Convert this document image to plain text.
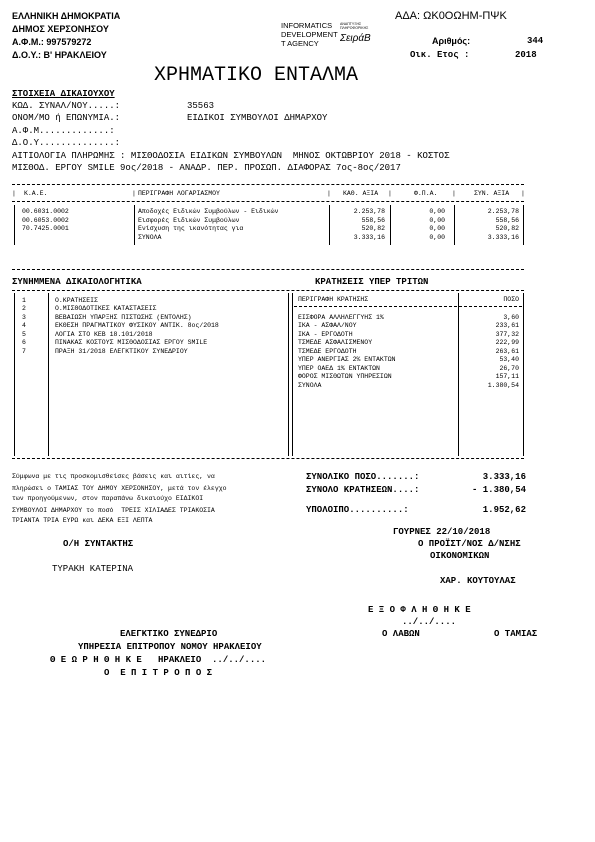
ΕΛΛΗΝΙΚΗ ΔΗΜΟΚΡΑΤΙΑ
ΔΗΜΟΣ ΧΕΡΣΟΝΗΣΟΥ
Α.Φ.Μ.: 997579272
Δ.Ο.Υ.: Β' ΗΡΑΚΛΕΙΟΥ
ΑΔΑ: ΩΚ0ΟΩΗΜ-ΠΨΚ
INFORMATICS
DEVELOPMENT
T AGENCY
ΑΝΑΠΤΥΞΗΣ ΠΛΗΡΟΦΟΡΙΚΗΣ
ΣειράΒ	Αριθμός:	344
Οικ. Ετος :	2018
ΧΡΗΜΑΤΙΚΟ ΕΝΤΑΛΜΑ
ΣΤΟΙΧΕΙΑ ΔΙΚΑΙΟΥΧΟΥ
ΚΩΔ. ΣΥΝΑΛ/ΝΟΥ.....:	35563
ΟΝΟΜ/ΜΟ ή ΕΠΩΝΥΜΙΑ.:	ΕΙΔΙΚΟΙ ΣΥΜΒΟΥΛΟΙ ΔΗΜΑΡΧΟΥ
Α.Φ.Μ.............:
Δ.Ο.Υ..............:
ΑΙΤΙΟΛΟΓΙΑ ΠΛΗΡΩΜΗΣ : ΜΙΣΘΟΔΟΣΙΑ ΕΙΔΙΚΩΝ ΣΥΜΒΟΥΛΩΝ  ΜΗΝΟΣ ΟΚΤΩΒΡΙΟΥ 2018 - ΚΟΣΤΟΣ
ΜΙΣΘΟΔ. ΕΡΓΟΥ SMILE 9ος/2018 - ΑΝΑΔΡ. ΠΕΡ. ΠΡΟΣΩΠ. ΔΙΑΦΟΡΑΣ 7ος-8ος/2017
| Κ.Α.Ε.	| ΠΕΡΙΓΡΑΦΗ ΛΟΓΑΡΙΑΣΜΟΥ	| ΚΑΘ. ΑΞΙΑ |	Φ.Π.Α. |	ΣΥΝ. ΑΞΙΑ |
00.6031.0002	Αποδοχές Ειδικών Συμβούλων - Ειδικών	2.253,78	0,00	2.253,78
00.6053.0002	Εισφορές Ειδικών Συμβούλων	558,56	0,00	558,56
70.7425.0001	Ενίσχυση της ικανότητας για	520,82	0,00	520,82
ΣΥΝΟΛΑ	3.333,16	0,00	3.333,16
ΣΥΝΗΜΜΕΝΑ ΔΙΚΑΙΟΛΟΓΗΤΙΚΑ	ΚΡΑΤΗΣΕΙΣ ΥΠΕΡ ΤΡΙΤΩΝ
ΠΕΡΙΓΡΑΦΗ ΚΡΑΤΗΣΗΣ	ΠΟΣΟ
1	Ο.ΚΡΑΤΗΣΕΙΣ
2	Ο.ΜΙΣΘΟΔΟΤΙΚΕΣ ΚΑΤΑΣΤΑΣΕΙΣ
3	ΒΕΒΑΙΩΣΗ ΥΠΑΡΞΗΣ ΠΙΣΤΩΣΗΣ (ΕΝΤΟΛΗΣ)
4	ΕΚΘΕΣΗ ΠΡΑΓΜΑΤΙΚΟΥ ΦΥΣΙΚΟΥ ΑΝΤΙΚ. 8ος/2018
5	ΛΟΓΙΑ ΣΤΟ ΚΕΒ 18.101/2018
6	ΠΙΝΑΚΑΣ ΚΟΣΤΟΥΣ ΜΙΣΘΟΔΟΣΙΑΣ ΕΡΓΟΥ SMILE
7	ΠΡΑΞΗ 31/2018 ΕΛΕΓΚΤΙΚΟΥ ΣΥΝΕΔΡΙΟΥ
ΕΙΣΦΟΡΑ ΑΛΛΗΛΕΓΓΥΗΣ 1%	3,60
ΙΚΑ - ΑΣΦΑΛ/ΝΟΥ	233,61
ΙΚΑ - ΕΡΓΟΔΟΤΗ	377,32
ΤΣΜΕΔΕ ΑΣΦΑΛΙΣΜΕΝΟΥ	222,99
ΤΣΜΕΔΕ ΕΡΓΟΔΟΤΗ	263,61
ΥΠΕΡ ΑΝΕΡΓΙΑΣ 2% ΕΝΤΑΚΤΩΝ	53,40
ΥΠΕΡ ΟΑΕΔ 1% ΕΝΤΑΚΤΩΝ	26,70
ΦΟΡΟΣ ΜΙΣΘΩΤΩΝ ΥΠΗΡΕΣΙΩΝ	157,11
ΣΥΝΟΛΑ	1.380,54
Σύμφωνα με τις προσκομισθείσες βάσεις και αιτίες, να
πληρώσει ο ΤΑΜΙΑΣ ΤΟΥ ΔΗΜΟΥ ΧΕΡΣΟΝΗΣΟΥ, μετά τον έλεγχο
των προηγούμενων, στον παραπάνω δικαιούχο ΕΙΔΙΚΟΙ
ΣΥΜΒΟΥΛΟΙ ΔΗΜΑΡΧΟΥ το ποσό  ΤΡΕΙΣ ΧΙΛΙΑΔΕΣ ΤΡΙΑΚΟΣΙΑ
ΤΡΙΑΝΤΑ ΤΡΙΑ ΕΥΡΩ και ΔΕΚΑ ΕΞΙ ΛΕΠΤΑ
ΣΥΝΟΛΙΚΟ ΠΟΣΟ.......:	3.333,16
ΣΥΝΟΛΟ ΚΡΑΤΗΣΕΩΝ....:	- 1.380,54
ΥΠΟΛΟΙΠΟ..........:	1.952,62
ΓΟΥΡΝΕΣ 22/10/2018
Ο/Η ΣΥΝΤΑΚΤΗΣ	Ο ΠΡΟΪΣΤ/ΝΟΣ Δ/ΝΣΗΣ
ΟΙΚΟΝΟΜΙΚΩΝ
ΤΥΡΑΚΗ ΚΑΤΕΡΙΝΑ
ΧΑΡ. ΚΟΥΤΟΥΛΑΣ
Ε Ξ Ο Φ Λ Η Θ Η Κ Ε
../../....
ΕΛΕΓΚΤΙΚΟ ΣΥΝΕΔΡΙΟ	Ο ΛΑΒΩΝ	Ο ΤΑΜΙΑΣ
ΥΠΗΡΕΣΙΑ ΕΠΙΤΡΟΠΟΥ ΝΟΜΟΥ ΗΡΑΚΛΕΙΟΥ
Θ Ε Ω Ρ Η Θ Η Κ Ε   ΗΡΑΚΛΕΙΟ  ../../....
Ο  Ε Π Ι Τ Ρ Ο Π Ο Σ
